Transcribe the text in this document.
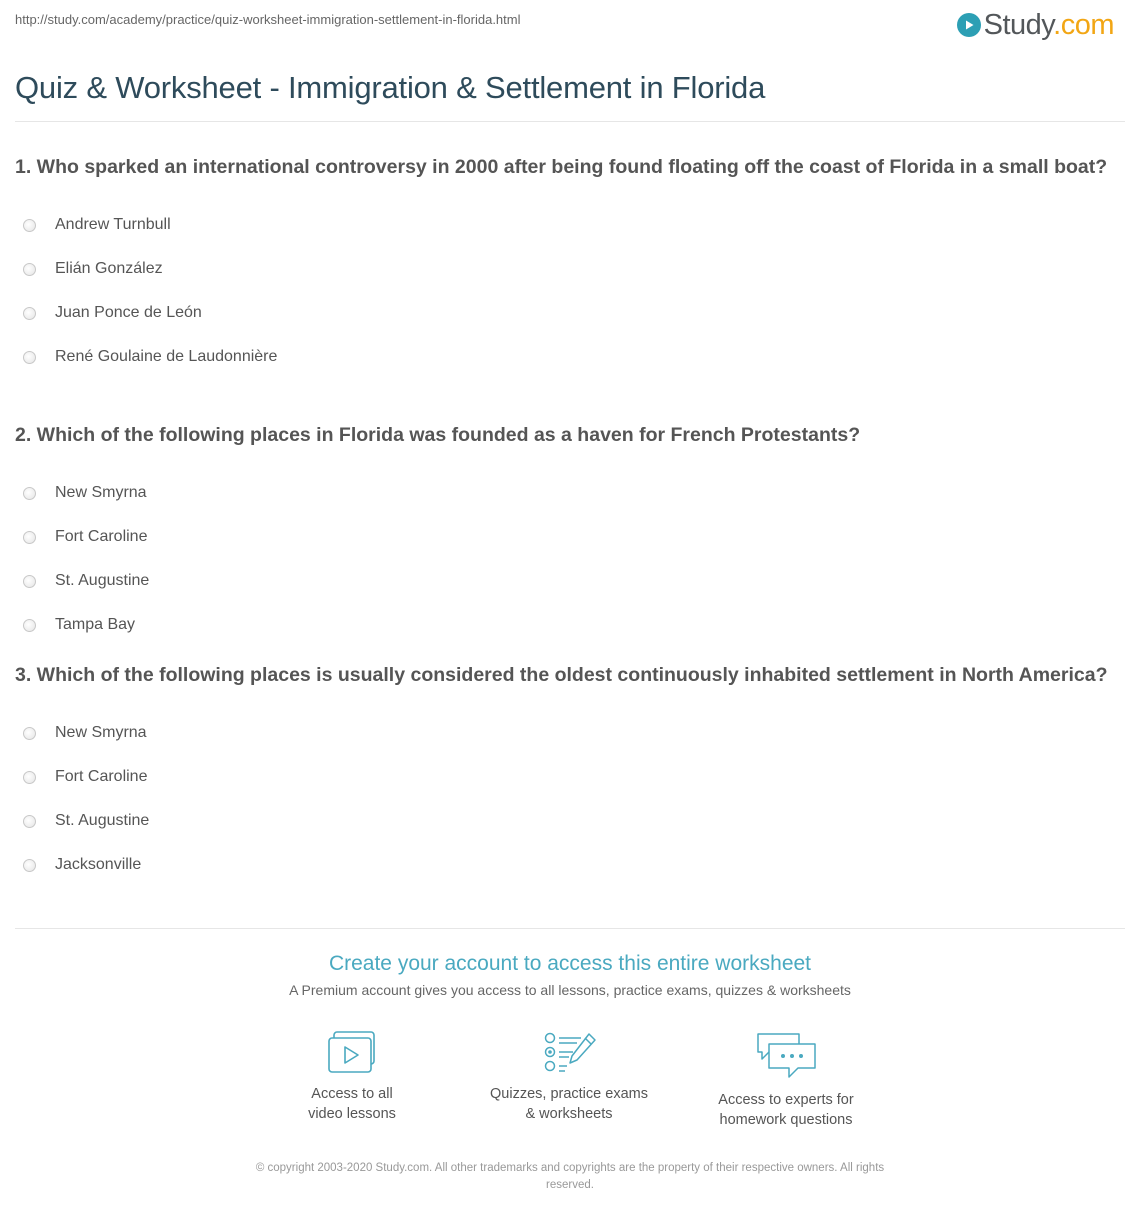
http://study.com/academy/practice/quiz-worksheet-immigration-settlement-in-florida.html	Study.com
Quiz & Worksheet - Immigration & Settlement in Florida

1. Who sparked an international controversy in 2000 after being found floating off the coast of Florida in a small boat?

Andrew Turnbull
Elián González
Juan Ponce de León
René Goulaine de Laudonnière

2. Which of the following places in Florida was founded as a haven for French Protestants?

New Smyrna
Fort Caroline
St. Augustine
Tampa Bay

3. Which of the following places is usually considered the oldest continuously inhabited settlement in North America?

New Smyrna
Fort Caroline
St. Augustine
Jacksonville
Create your account to access this entire worksheet
A Premium account gives you access to all lessons, practice exams, quizzes & worksheets
Access to all
video lessons
Quizzes, practice exams
& worksheets
Access to experts for
homework questions
© copyright 2003-2020 Study.com. All other trademarks and copyrights are the property of their respective owners. All rights
reserved.
